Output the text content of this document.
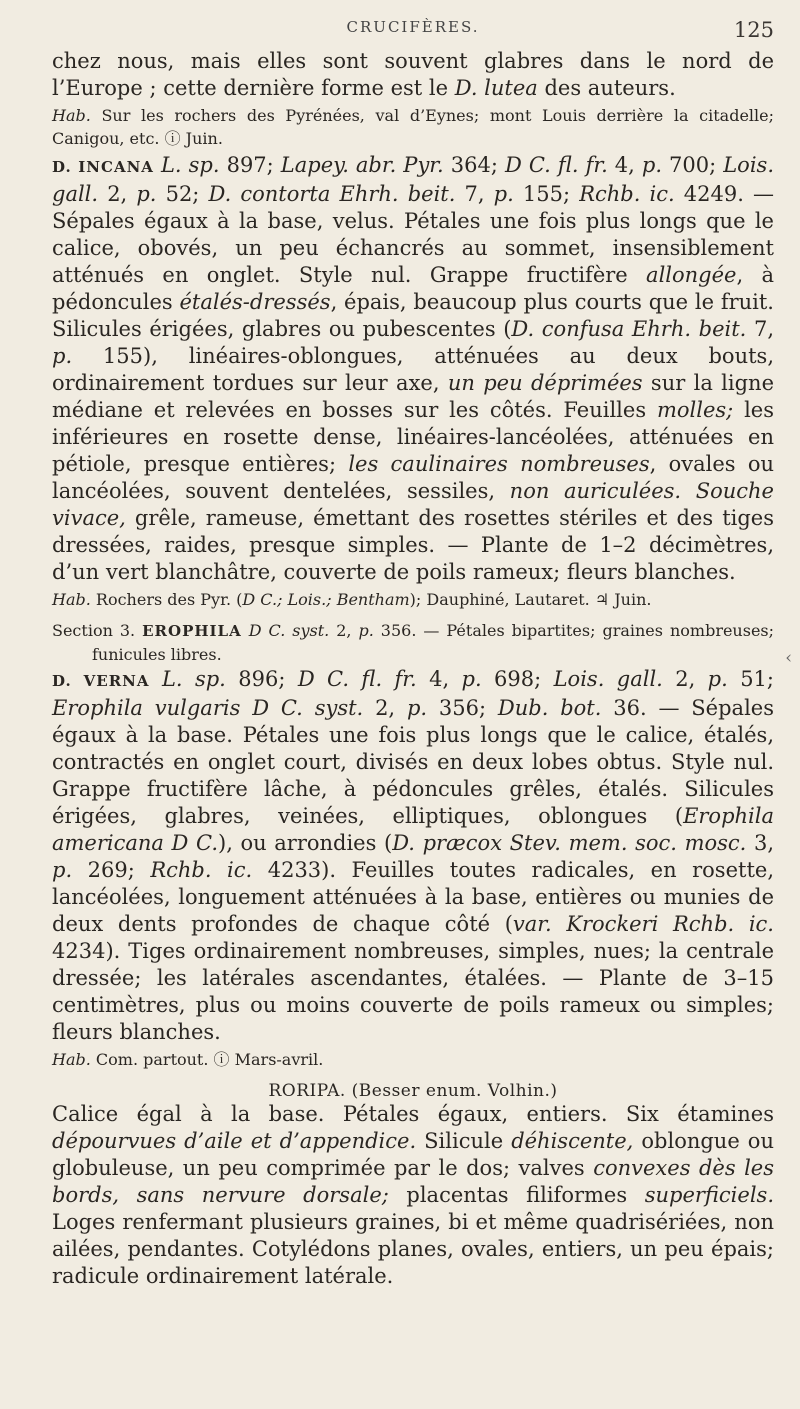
CRUCIFÈRES.	125
‹

chez nous, mais elles sont souvent glabres dans le nord de l’Europe ; cette dernière forme est le D. lutea des auteurs.

Hab. Sur les rochers des Pyrénées, val d’Eynes; mont Louis derrière la citadelle; Canigou, etc. ⓘ Juin.

D. INCANA L. sp. 897; Lapey. abr. Pyr. 364; D C. fl. fr. 4, p. 700; Lois. gall. 2, p. 52; D. contorta Ehrh. beit. 7, p. 155; Rchb. ic. 4249. — Sépales égaux à la base, velus. Pétales une fois plus longs que le calice, obovés, un peu échancrés au sommet, insensiblement atténués en onglet. Style nul. Grappe fructifère allongée, à pédoncules étalés-dressés, épais, beaucoup plus courts que le fruit. Silicules érigées, glabres ou pubescentes (D. confusa Ehrh. beit. 7, p. 155), linéaires-oblongues, atténuées au deux bouts, ordinairement tordues sur leur axe, un peu déprimées sur la ligne médiane et relevées en bosses sur les côtés. Feuilles molles; les inférieures en rosette dense, linéaires-lancéolées, atténuées en pétiole, presque entières; les caulinaires nombreuses, ovales ou lancéolées, souvent dentelées, sessiles, non auriculées. Souche vivace, grêle, rameuse, émettant des rosettes stériles et des tiges dressées, raides, presque simples. — Plante de 1–2 décimètres, d’un vert blanchâtre, couverte de poils rameux; fleurs blanches.

Hab. Rochers des Pyr. (D C.; Lois.; Bentham); Dauphiné, Lautaret. ♃ Juin.

Section 3. EROPHILA D C. syst. 2, p. 356. — Pétales bipartites; graines nombreuses; funicules libres.

D. VERNA L. sp. 896; D C. fl. fr. 4, p. 698; Lois. gall. 2, p. 51; Erophila vulgaris D C. syst. 2, p. 356; Dub. bot. 36. — Sépales égaux à la base. Pétales une fois plus longs que le calice, étalés, contractés en onglet court, divisés en deux lobes obtus. Style nul. Grappe fructifère lâche, à pédoncules grêles, étalés. Silicules érigées, glabres, veinées, elliptiques, oblongues (Erophila americana D C.), ou arrondies (D. præcox Stev. mem. soc. mosc. 3, p. 269; Rchb. ic. 4233). Feuilles toutes radicales, en rosette, lancéolées, longuement atténuées à la base, entières ou munies de deux dents profondes de chaque côté (var. Krockeri Rchb. ic. 4234). Tiges ordinairement nombreuses, simples, nues; la centrale dressée; les latérales ascendantes, étalées. — Plante de 3–15 centimètres, plus ou moins couverte de poils rameux ou simples; fleurs blanches.

Hab. Com. partout. ⓘ Mars-avril.

RORIPA. (Besser enum. Volhin.)

Calice égal à la base. Pétales égaux, entiers. Six étamines dépourvues d’aile et d’appendice. Silicule déhiscente, oblongue ou globuleuse, un peu comprimée par le dos; valves convexes dès les bords, sans nervure dorsale; placentas filiformes superficiels. Loges renfermant plusieurs graines, bi et même quadrisériées, non ailées, pendantes. Cotylédons planes, ovales, entiers, un peu épais; radicule ordinairement latérale.
